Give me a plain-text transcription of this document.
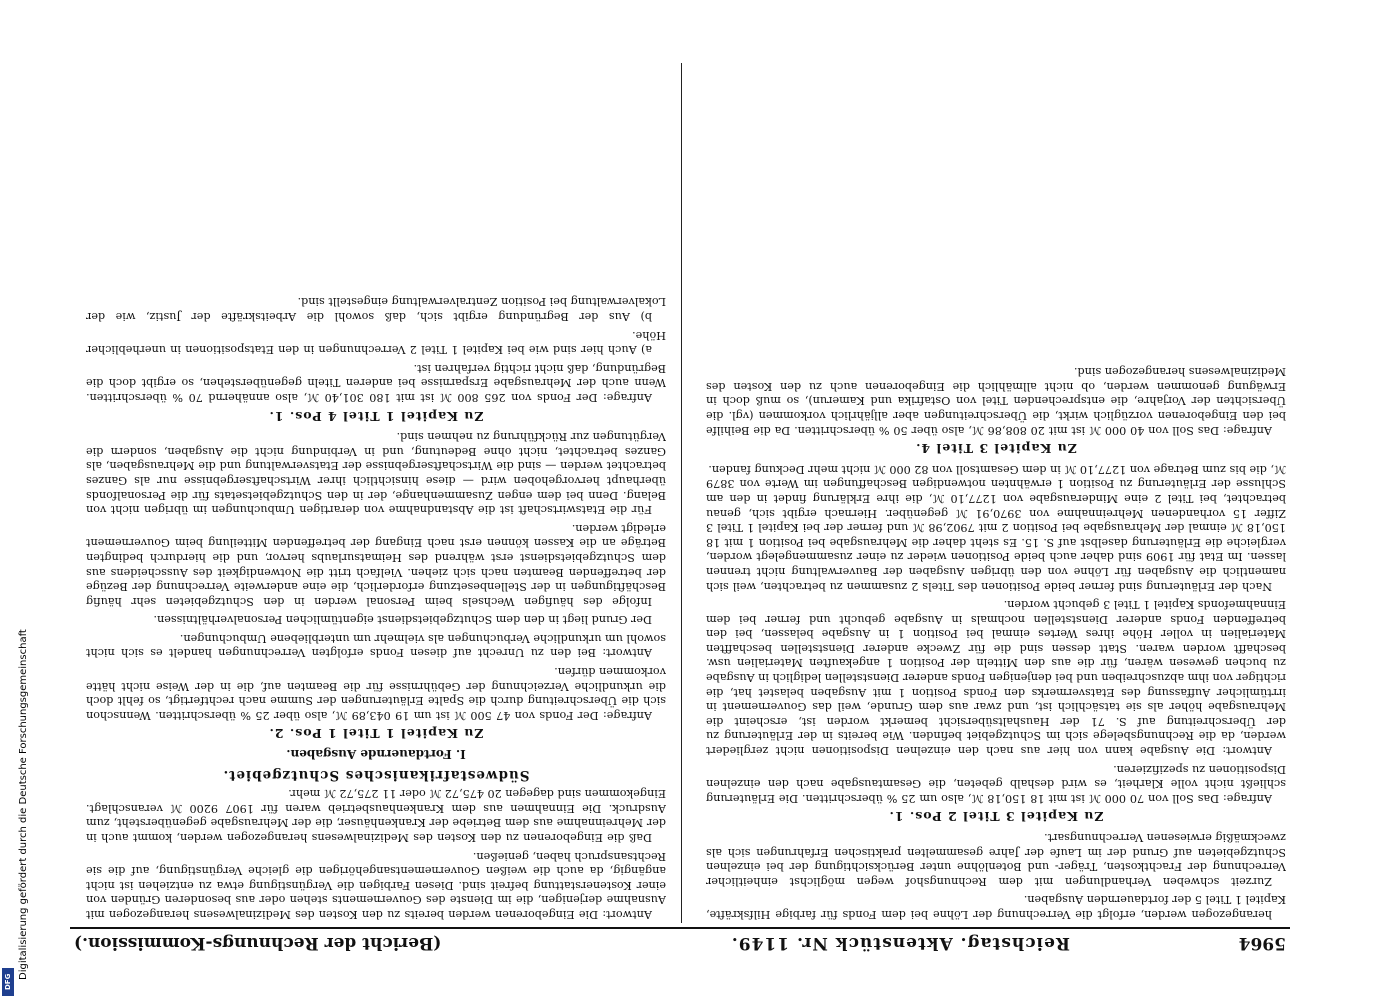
5964
Reichstag. Aktenstück Nr. 1149.
(Bericht der Rechnungs-Kommission.)

herangezogen werden, erfolgt die Verrechnung der Löhne bei dem Fonds für farbige Hilfskräfte, Kapitel 1 Titel 5 der fortdauernden Ausgaben.

Zurzeit schweben Verhandlungen mit dem Rechnungshof wegen möglichst einheitlicher Verrechnung der Frachtkosten, Träger- und Botenlöhne unter Berücksichtigung der bei einzelnen Schutzgebieten auf Grund der im Laufe der Jahre gesammelten praktischen Erfahrungen sich als zweckmäßig erwiesenen Verrechnungsart.

Zu Kapitel 3 Titel 2 Pos. 1.

Anfrage: Das Soll von 70 000 ℳ ist mit 18 150,18 ℳ, also um 25 % überschritten. Die Erläuterung schließt nicht volle Klarheit, es wird deshalb gebeten, die Gesamtausgabe nach den einzelnen Dispositionen zu spezifizieren.

Antwort: Die Ausgabe kann von hier aus nach den einzelnen Dispositionen nicht zergliedert werden, da die Rechnungsbelege sich im Schutzgebiet befinden. Wie bereits in der Erläuterung zu der Überschreitung auf S. 71 der Haushaltsübersicht bemerkt worden ist, erscheint die Mehrausgabe höher als sie tatsächlich ist, und zwar aus dem Grunde, weil das Gouvernement in irrtümlicher Auffassung des Etatsvermerks den Fonds Position 1 mit Ausgaben belastet hat, die richtiger von ihm abzuschreiben und bei denjenigen Fonds anderer Dienststellen lediglich in Ausgabe zu buchen gewesen wären, für die aus den Mitteln der Position 1 angekauften Materialien usw. beschafft worden waren. Statt dessen sind die für Zwecke anderer Dienststellen beschafften Materialien in voller Höhe ihres Wertes einmal bei Position 1 in Ausgabe belassen, bei den betreffenden Fonds anderer Dienststellen nochmals in Ausgabe gebucht und ferner bei dem Einnahmefonds Kapitel 1 Titel 3 gebucht worden.

Nach der Erläuterung sind ferner beide Positionen des Titels 2 zusammen zu betrachten, weil sich namentlich die Ausgaben für Löhne von den übrigen Ausgaben der Bauverwaltung nicht trennen lassen. Im Etat für 1909 sind daher auch beide Positionen wieder zu einer zusammengelegt worden, vergleiche die Erläuterung daselbst auf S. 15. Es steht daher die Mehrausgabe bei Position 1 mit 18 150,18 ℳ einmal der Mehrausgabe bei Position 2 mit 7902,98 ℳ und ferner der bei Kapitel 1 Titel 3 Ziffer 15 vorhandenen Mehreinnahme von 3970,91 ℳ gegenüber. Hiernach ergibt sich, genau betrachtet, bei Titel 2 eine Minderausgabe von 1277,10 ℳ, die ihre Erklärung findet in den am Schlusse der Erläuterung zu Position 1 erwähnten notwendigen Beschaffungen im Werte von 3879 ℳ, die bis zum Betrage von 1277,10 ℳ in dem Gesamtsoll von 82 000 ℳ nicht mehr Deckung fanden.

Zu Kapitel 3 Titel 4.

Anfrage: Das Soll von 40 000 ℳ ist mit 20 808,86 ℳ, also über 50 % überschritten. Da die Beihilfe bei den Eingeborenen vorzüglich wirkt, die Überschreitungen aber alljährlich vorkommen (vgl. die Übersichten der Vorjahre, die entsprechenden Titel von Ostafrika und Kamerun), so muß doch in Erwägung genommen werden, ob nicht allmählich die Eingeborenen auch zu den Kosten des Medizinalwesens herangezogen sind.

Antwort: Die Eingeborenen werden bereits zu den Kosten des Medizinalwesens herangezogen mit Ausnahme derjenigen, die im Dienste des Gouvernements stehen oder aus besonderen Gründen von einer Kostenerstattung befreit sind. Diesen Farbigen die Vergünstigung etwa zu entziehen ist nicht angängig, da auch die weißen Gouvernementsangehörigen die gleiche Vergünstigung, auf die sie Rechtsanspruch haben, genießen.

Daß die Eingeborenen zu den Kosten des Medizinalwesens herangezogen werden, kommt auch in der Mehreinnahme aus dem Betriebe der Krankenhäuser, die der Mehrausgabe gegenübersteht, zum Ausdruck. Die Einnahmen aus dem Krankenhausbetrieb waren für 1907 9200 ℳ veranschlagt. Eingekommen sind dagegen 20 475,72 ℳ oder 11 275,72 ℳ mehr.

Südwestafrikanisches Schutzgebiet.
I. Fortdauernde Ausgaben.
Zu Kapitel 1 Titel 1 Pos. 2.

Anfrage: Der Fonds von 47 500 ℳ ist um 19 043,89 ℳ, also über 25 % überschritten. Wennschon sich die Überschreitung durch die Spalte Erläuterungen der Summe nach rechtfertigt, so fehlt doch die urkundliche Verzeichnung der Gebührnisse für die Beamten auf, die in der Weise nicht hätte vorkommen dürfen.

Antwort: Bei den zu Unrecht auf diesen Fonds erfolgten Verrechnungen handelt es sich nicht sowohl um urkundliche Verbuchungen als vielmehr um unterbliebene Umbuchungen.

Der Grund liegt in den dem Schutzgebietsdienst eigentümlichen Personalverhältnissen.

Infolge des häufigen Wechsels beim Personal werden in den Schutzgebieten sehr häufig Beschäftigungen in der Stellenbesetzung erforderlich, die eine anderweite Verrechnung der Bezüge der betreffenden Beamten nach sich ziehen. Vielfach tritt die Notwendigkeit des Ausscheidens aus dem Schutzgebietsdienst erst während des Heimatsurlaubs hervor, und die hierdurch bedingten Beträge an die Kassen können erst nach Eingang der betreffenden Mitteilung beim Gouvernement erledigt werden.

Für die Etatswirtschaft ist die Abstandnahme von derartigen Umbuchungen im übrigen nicht von Belang. Denn bei dem engen Zusammenhange, der in den Schutzgebietsetats für die Personalfonds überhaupt hervorgehoben wird — diese hinsichtlich ihrer Wirtschaftsergebnisse nur als Ganzes betrachtet werden — sind die Wirtschaftsergebnisse der Etatsverwaltung und die Mehrausgaben, als Ganzes betrachtet, nicht ohne Bedeutung, und in Verbindung nicht die Ausgaben, sondern die Vergütungen zur Rückführung zu nehmen sind.

Zu Kapitel 1 Titel 4 Pos. 1.

Anfrage: Der Fonds von 265 800 ℳ ist mit 180 301,40 ℳ, also annähernd 70 % überschritten. Wenn auch der Mehrausgabe Ersparnisse bei anderen Titeln gegenüberstehen, so ergibt doch die Begründung, daß nicht richtig verfahren ist.

a) Auch hier sind wie bei Kapitel 1 Titel 2 Verrechnungen in den Etatspositionen in unerheblicher Höhe.

b) Aus der Begründung ergibt sich, daß sowohl die Arbeitskräfte der Justiz, wie der Lokalverwaltung bei Position Zentralverwaltung eingestellt sind.

Digitalisierung gefördert durch die Deutsche Forschungsgemeinschaft
DFG
